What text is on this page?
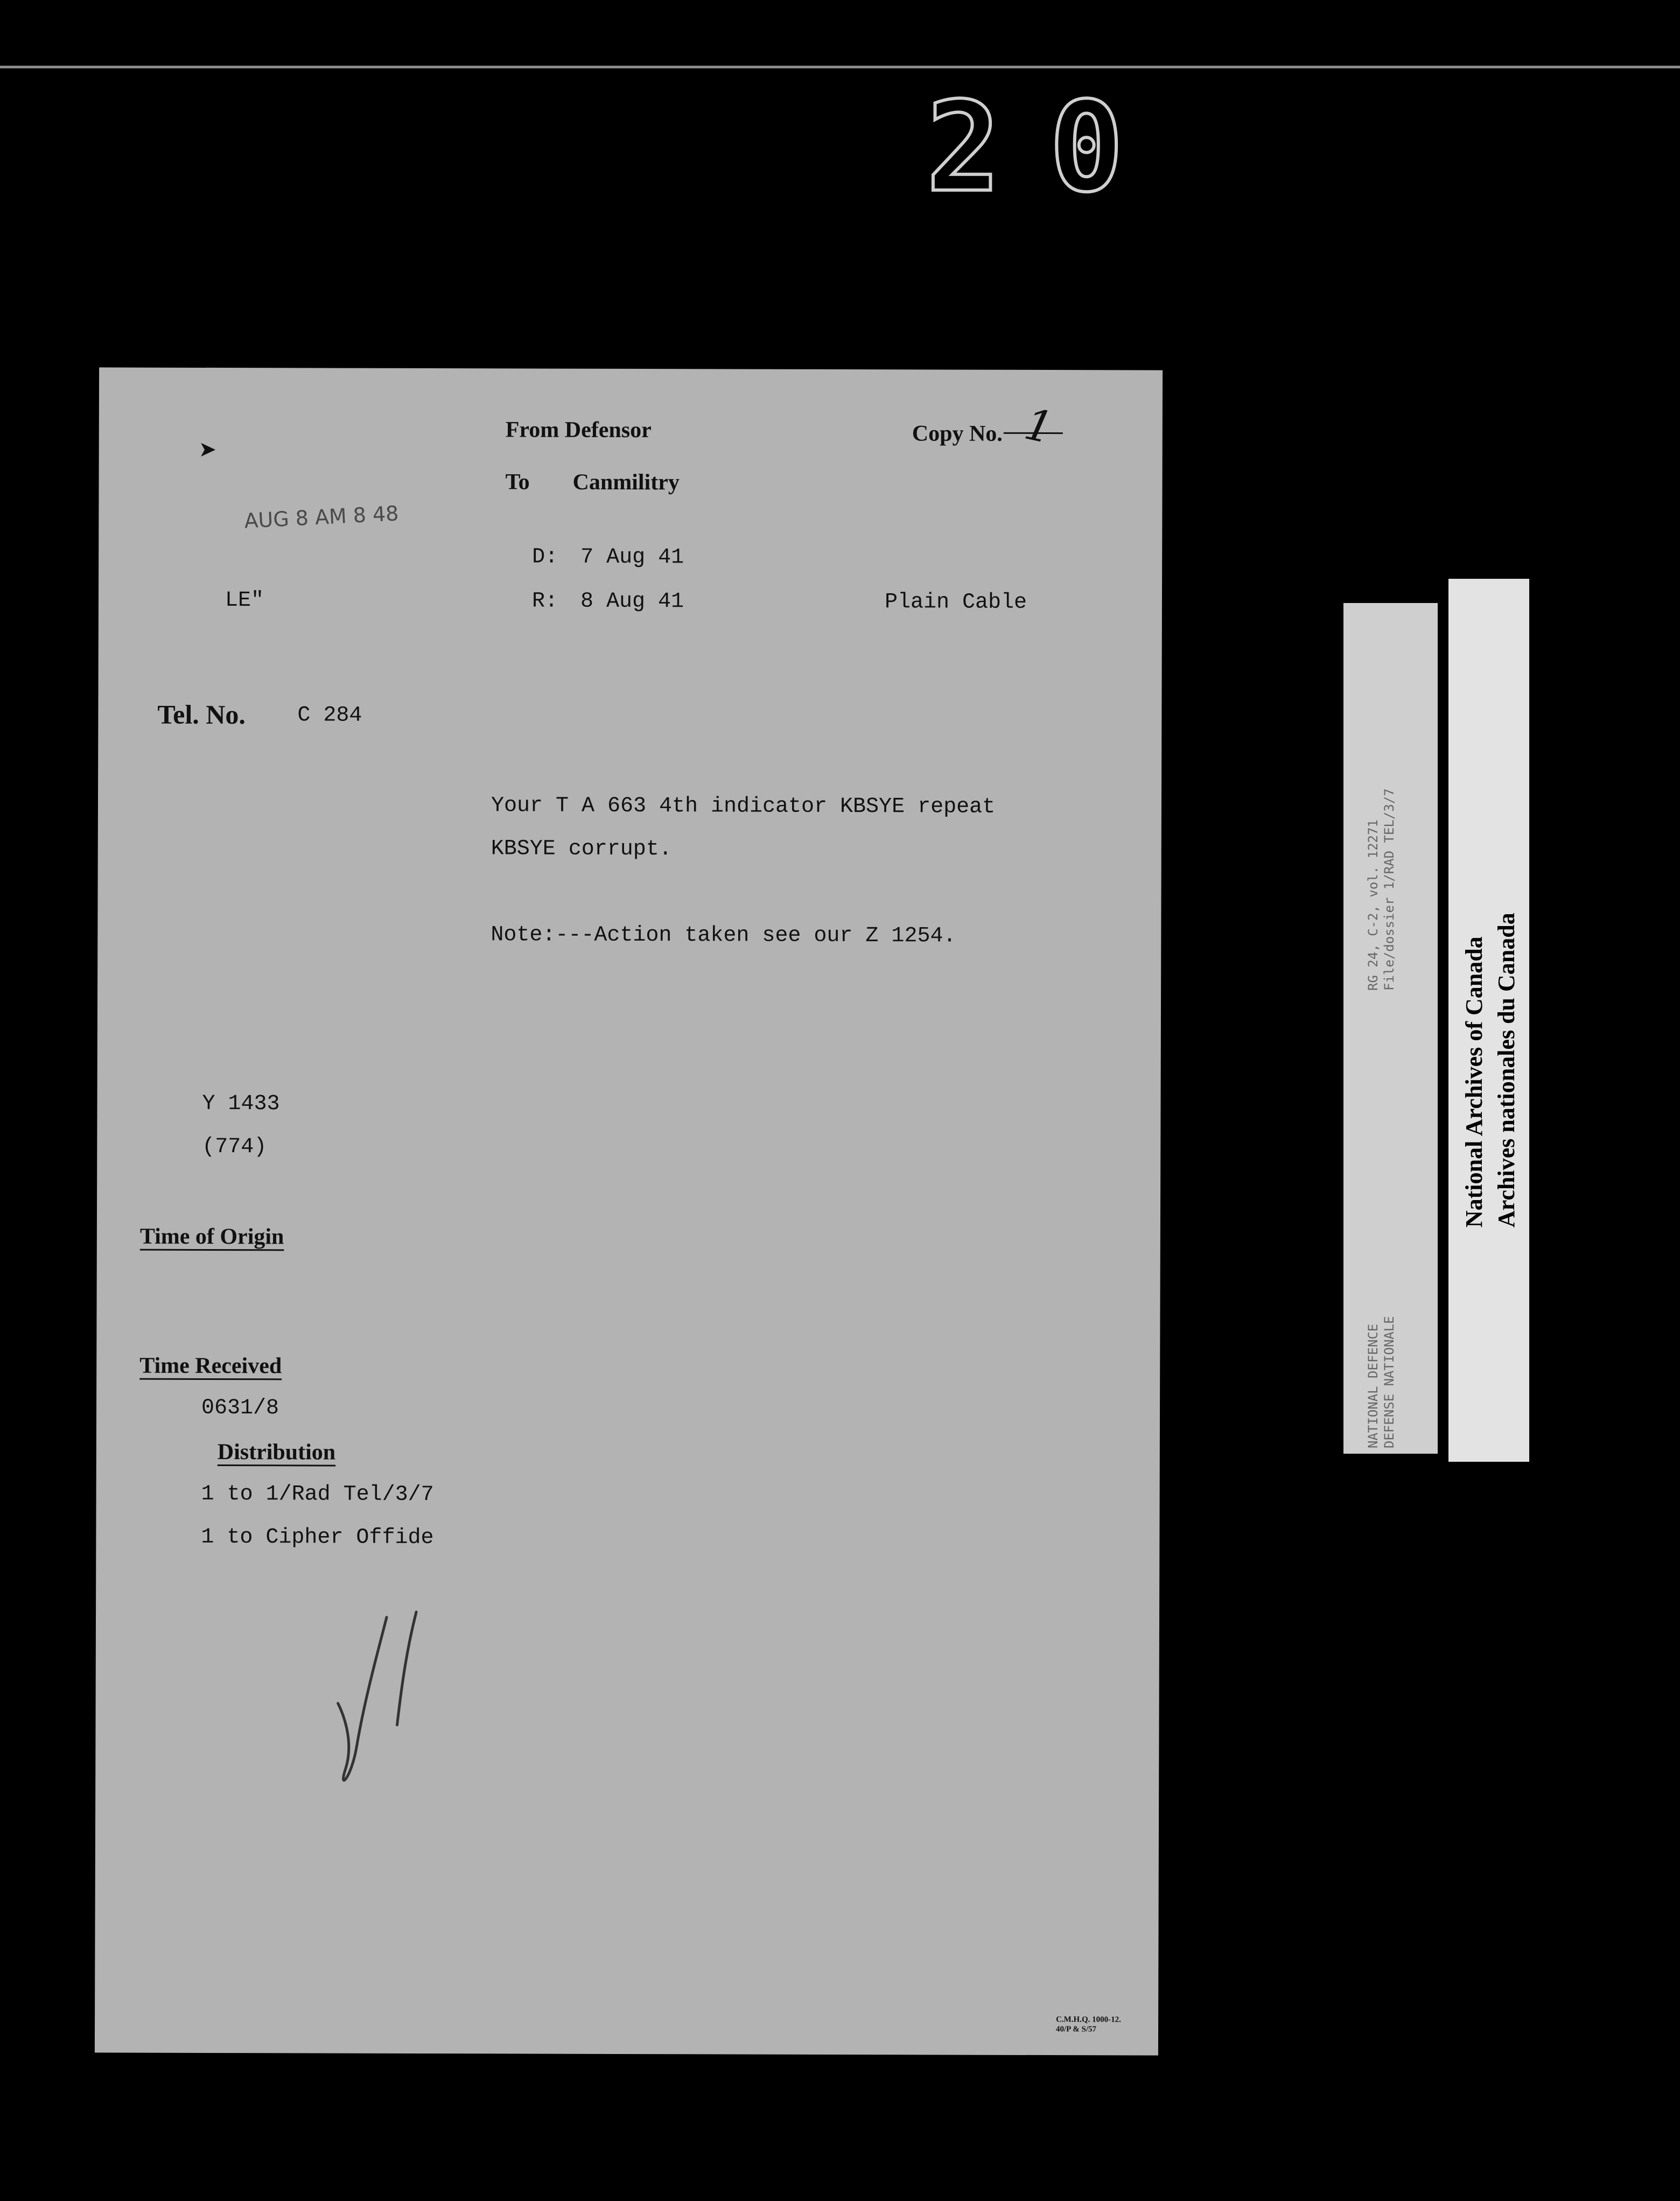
20
From Defensor	Copy No. 1
➤
To Canmilitry
AUG 8 AM 8 48
D: 7 Aug 41
LE"	R: 8 Aug 41	Plain Cable
Tel. No. C 284
Your T A 663 4th indicator KBSYE repeat
KBSYE corrupt.
Note:---Action taken see our Z 1254.
Y 1433
(774)
Time of Origin
Time Received
0631/8
Distribution
1 to 1/Rad Tel/3/7
1 to Cipher Offide
C.M.H.Q. 1000-12.
40/P & S/57
RG 24, C-2, vol. 12271 File/dossier 1/RAD TEL/3/7
NATIONAL DEFENCE DEFENSE NATIONALE
National Archives of Canada Archives nationales du Canada
